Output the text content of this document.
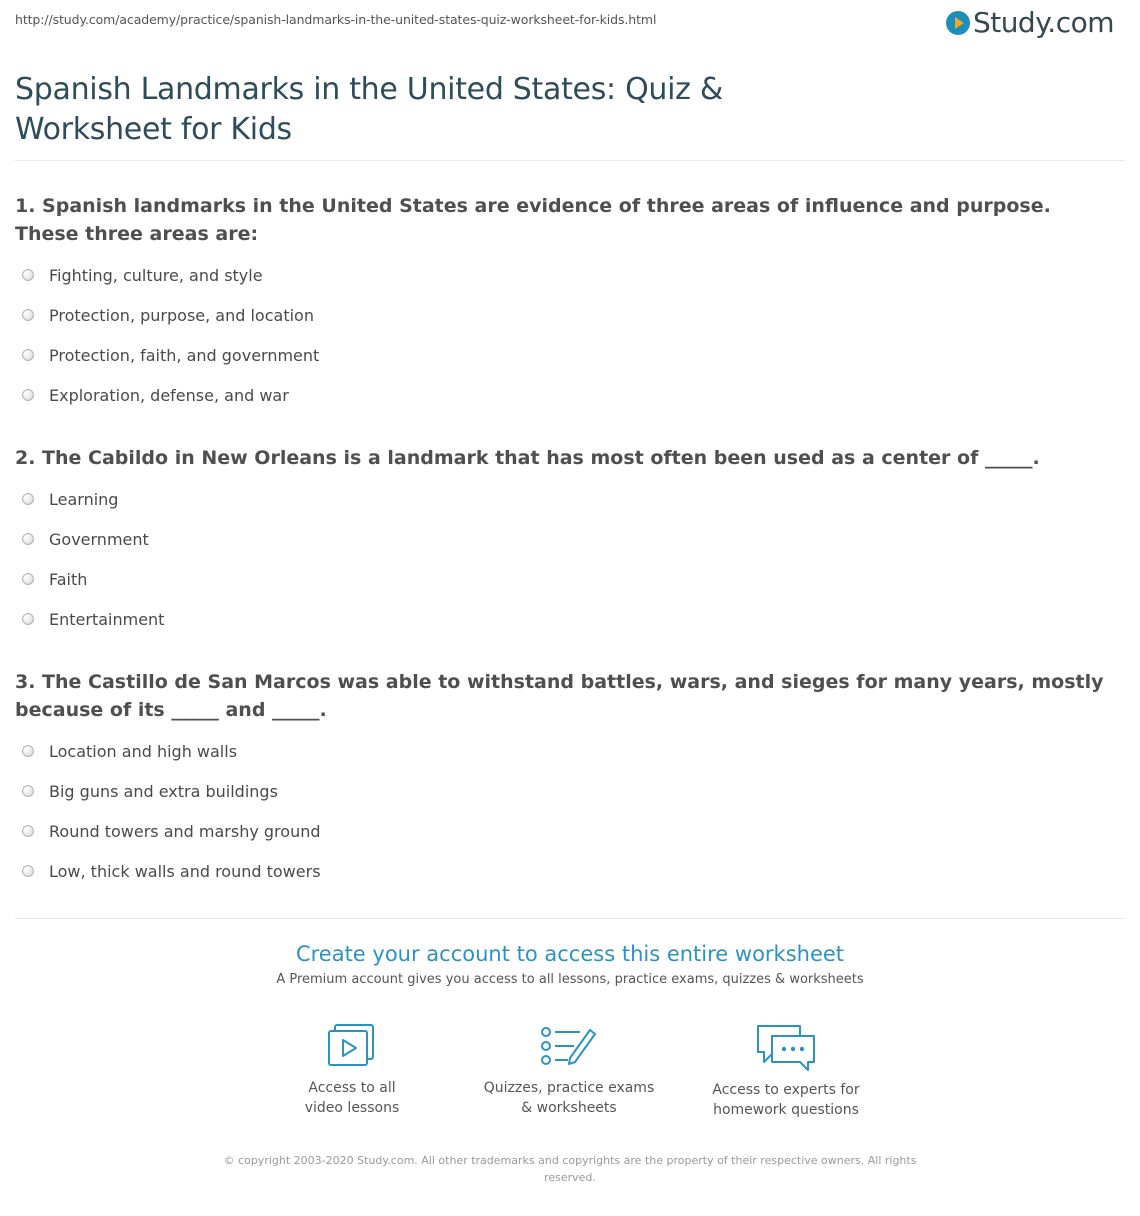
http://study.com/academy/practice/spanish-landmarks-in-the-united-states-quiz-worksheet-for-kids.html	Study.com
Spanish Landmarks in the United States: Quiz &
Worksheet for Kids

1. Spanish landmarks in the United States are evidence of three areas of influence and purpose. These three areas are:

Fighting, culture, and style
Protection, purpose, and location
Protection, faith, and government
Exploration, defense, and war

2. The Cabildo in New Orleans is a landmark that has most often been used as a center of _____.

Learning
Government
Faith
Entertainment

3. The Castillo de San Marcos was able to withstand battles, wars, and sieges for many years, mostly because of its _____ and _____.

Location and high walls
Big guns and extra buildings
Round towers and marshy ground
Low, thick walls and round towers
Create your account to access this entire worksheet
A Premium account gives you access to all lessons, practice exams, quizzes & worksheets
Access to all
video lessons
Quizzes, practice exams
& worksheets
Access to experts for
homework questions
© copyright 2003-2020 Study.com. All other trademarks and copyrights are the property of their respective owners. All rights reserved.
